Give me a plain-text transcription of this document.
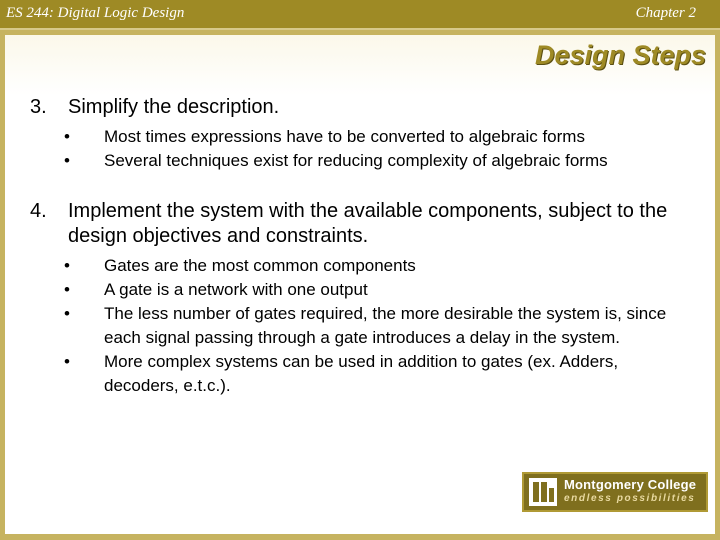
ES 244: Digital Logic Design	Chapter 2
Design Steps
3.	Simplify the description.
•	Most times expressions have to be converted to algebraic forms
•	Several techniques exist for reducing complexity of algebraic forms
4.	Implement the system with the available components, subject to the design objectives and constraints.
•	Gates are the most common components
•	A gate is a network with one output
•	The less number of gates required, the more desirable the system is, since each signal passing through a gate introduces a delay in the system.
•	More complex systems can be used in addition to gates (ex. Adders, decoders, e.t.c.).
Montgomery College
endless possibilities
